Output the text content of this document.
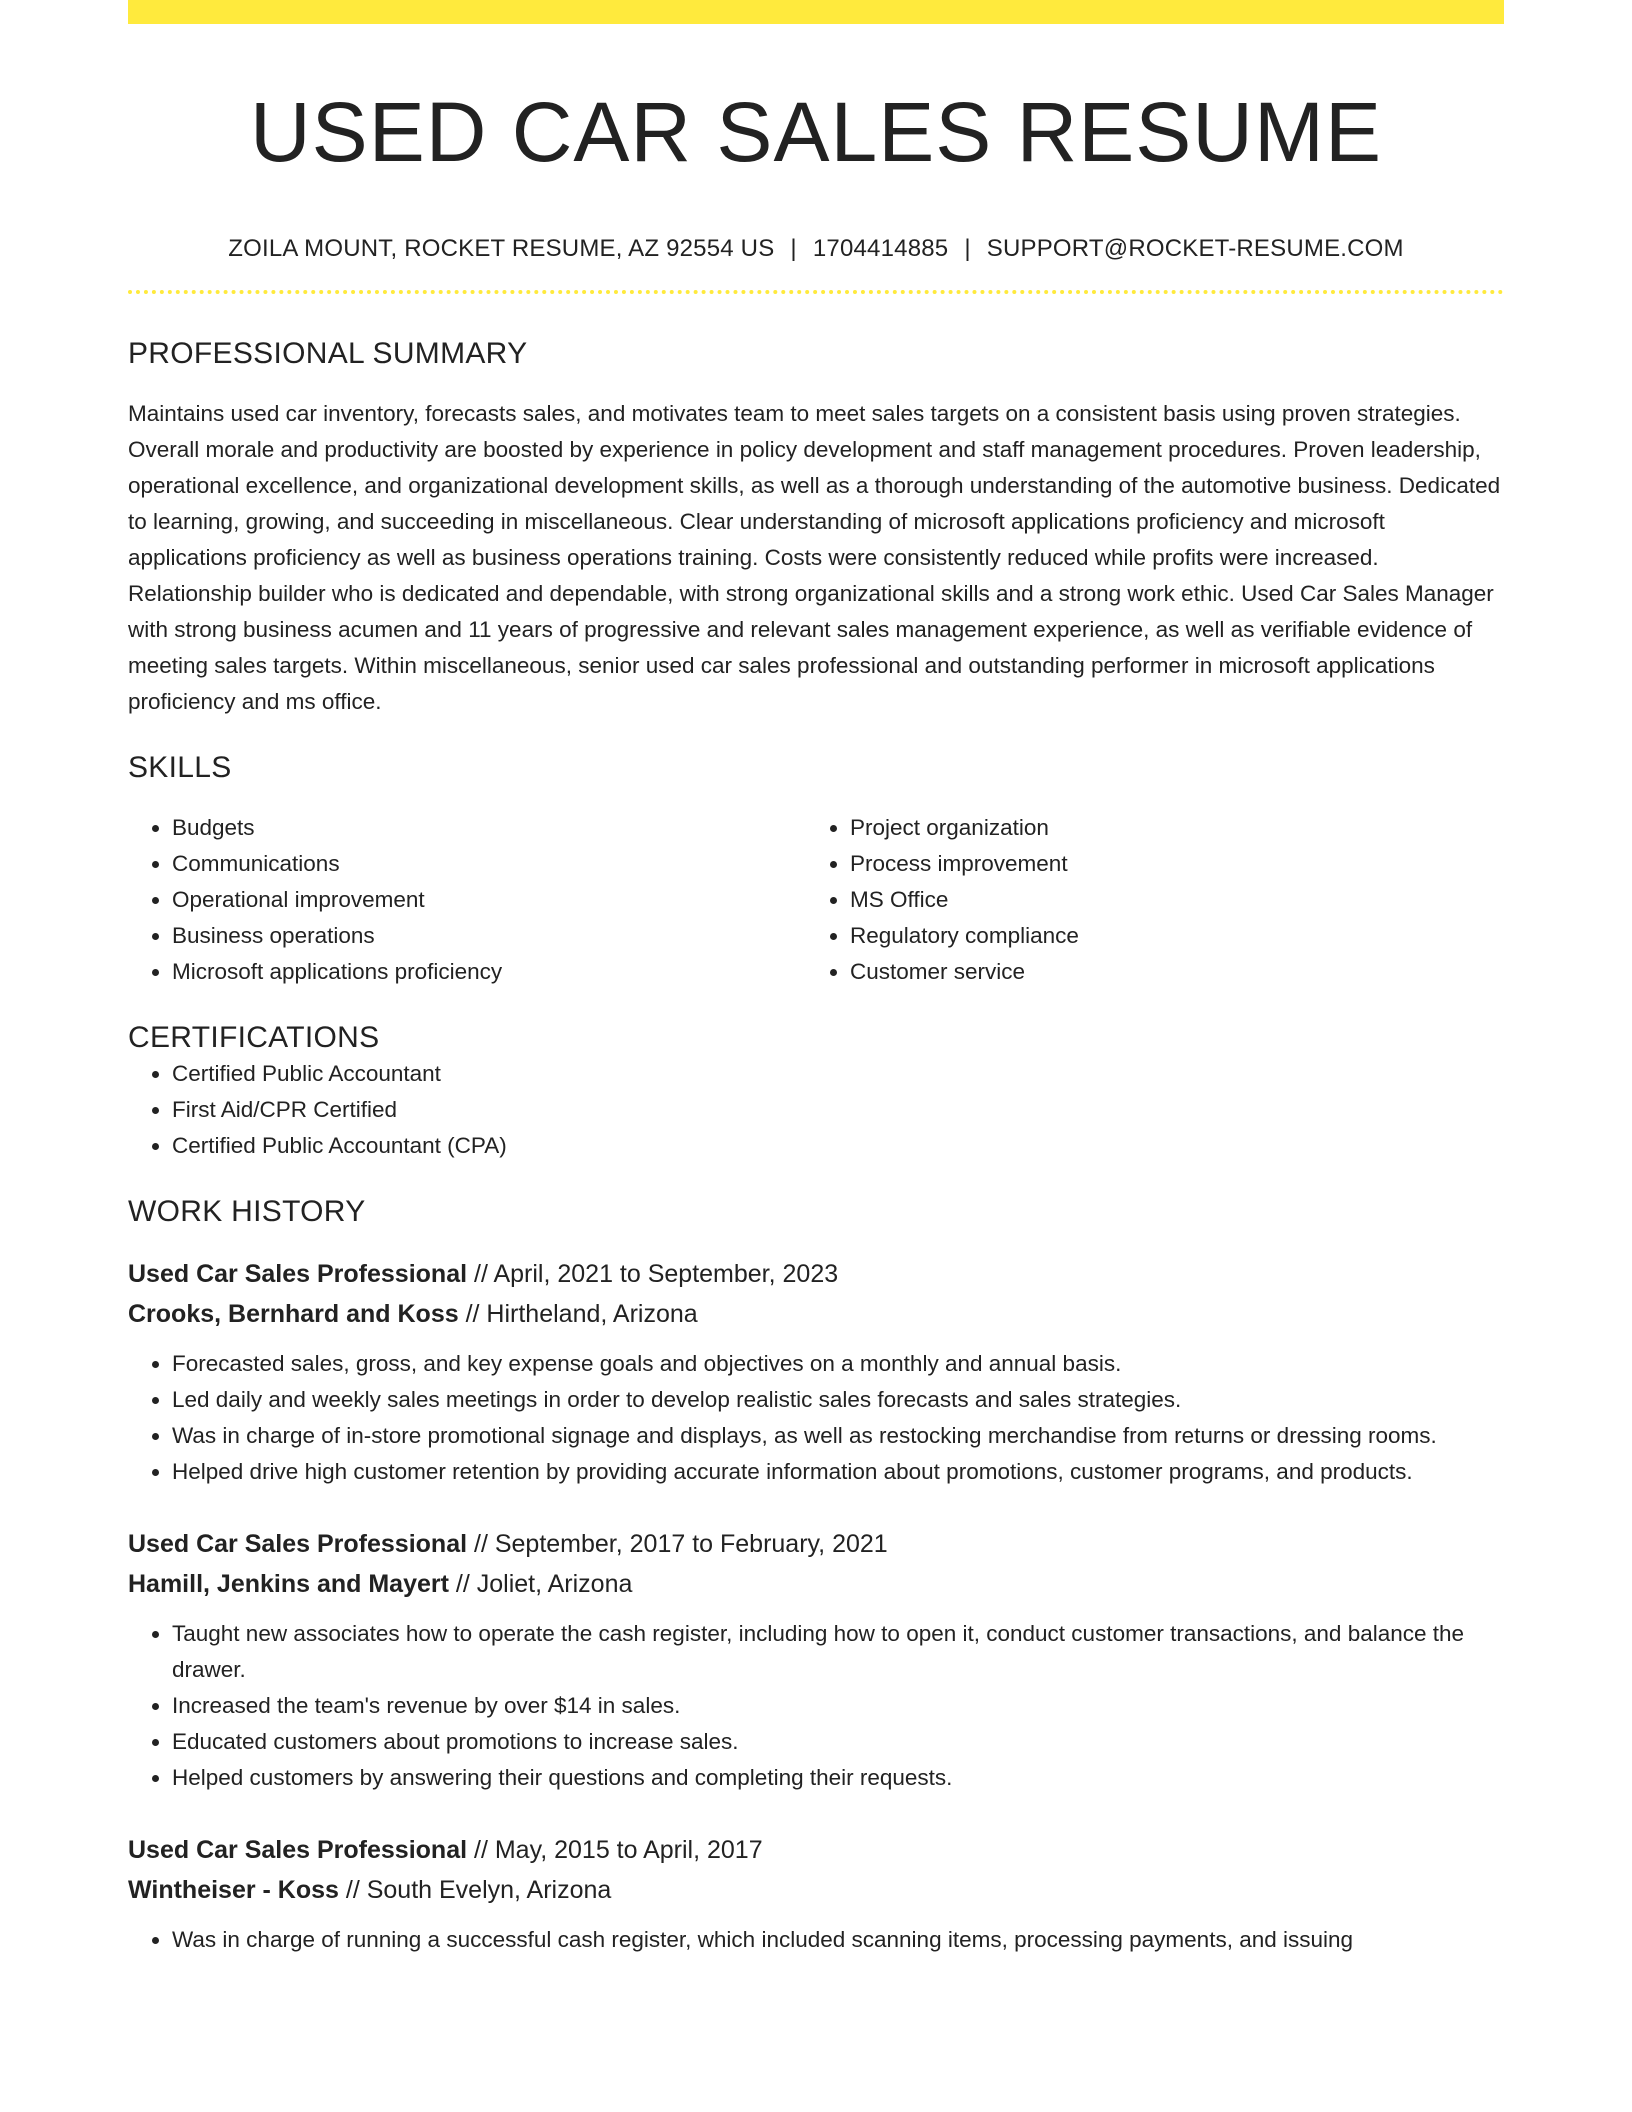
USED CAR SALES RESUME
ZOILA MOUNT, ROCKET RESUME, AZ 92554 US | 1704414885 | SUPPORT@ROCKET-RESUME.COM
PROFESSIONAL SUMMARY

Maintains used car inventory, forecasts sales, and motivates team to meet sales targets on a consistent basis using proven strategies. Overall morale and productivity are boosted by experience in policy development and staff management procedures. Proven leadership, operational excellence, and organizational development skills, as well as a thorough understanding of the automotive business. Dedicated to learning, growing, and succeeding in miscellaneous. Clear understanding of microsoft applications proficiency and microsoft applications proficiency as well as business operations training. Costs were consistently reduced while profits were increased. Relationship builder who is dedicated and dependable, with strong organizational skills and a strong work ethic. Used Car Sales Manager with strong business acumen and 11 years of progressive and relevant sales management experience, as well as verifiable evidence of meeting sales targets. Within miscellaneous, senior used car sales professional and outstanding performer in microsoft applications proficiency and ms office.

SKILLS
• Budgets
• Communications
• Operational improvement
• Business operations
• Microsoft applications proficiency
• Project organization
• Process improvement
• MS Office
• Regulatory compliance
• Customer service
CERTIFICATIONS
• Certified Public Accountant
• First Aid/CPR Certified
• Certified Public Accountant (CPA)
WORK HISTORY
Used Car Sales Professional // April, 2021 to September, 2023
Crooks, Bernhard and Koss // Hirtheland, Arizona
• Forecasted sales, gross, and key expense goals and objectives on a monthly and annual basis.
• Led daily and weekly sales meetings in order to develop realistic sales forecasts and sales strategies.
• Was in charge of in-store promotional signage and displays, as well as restocking merchandise from returns or dressing rooms.
• Helped drive high customer retention by providing accurate information about promotions, customer programs, and products.
Used Car Sales Professional // September, 2017 to February, 2021
Hamill, Jenkins and Mayert // Joliet, Arizona
• Taught new associates how to operate the cash register, including how to open it, conduct customer transactions, and balance the drawer.
• Increased the team's revenue by over $14 in sales.
• Educated customers about promotions to increase sales.
• Helped customers by answering their questions and completing their requests.
Used Car Sales Professional // May, 2015 to April, 2017
Wintheiser - Koss // South Evelyn, Arizona
• Was in charge of running a successful cash register, which included scanning items, processing payments, and issuing
